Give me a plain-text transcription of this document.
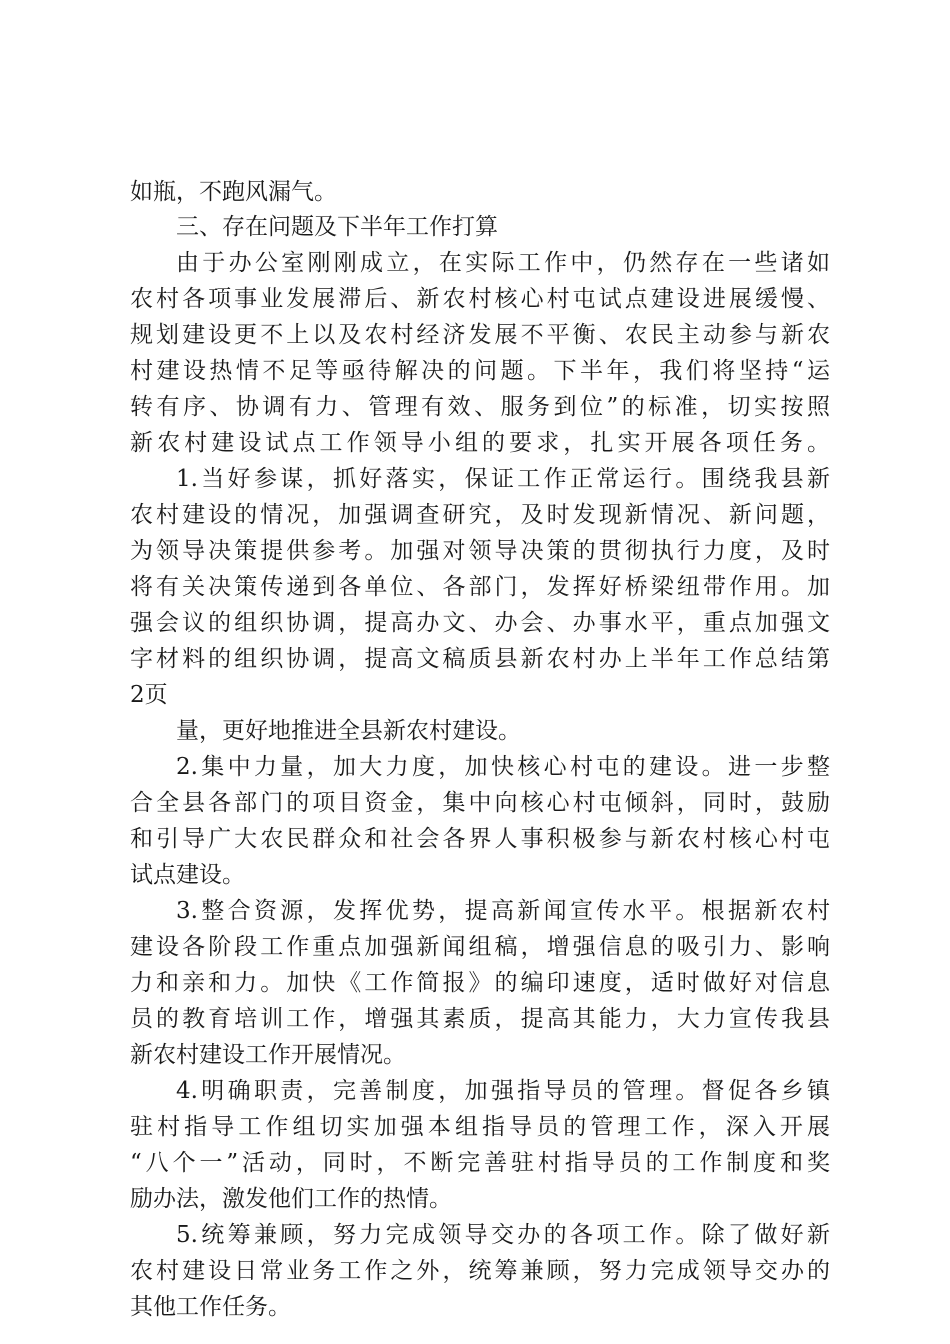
如瓶，不跑风漏气。
三、存在问题及下半年工作打算
由于办公室刚刚成立，在实际工作中，仍然存在一些诸如
农村各项事业发展滞后、新农村核心村屯试点建设进展缓慢、
规划建设更不上以及农村经济发展不平衡、农民主动参与新农
村建设热情不足等亟待解决的问题。下半年，我们将坚持“运
转有序、协调有力、管理有效、服务到位”的标准，切实按照
新农村建设试点工作领导小组的要求，扎实开展各项任务。
1.当好参谋，抓好落实，保证工作正常运行。围绕我县新
农村建设的情况，加强调查研究，及时发现新情况、新问题，
为领导决策提供参考。加强对领导决策的贯彻执行力度，及时
将有关决策传递到各单位、各部门，发挥好桥梁纽带作用。加
强会议的组织协调，提高办文、办会、办事水平，重点加强文
字材料的组织协调，提高文稿质县新农村办上半年工作总结第
2页
量，更好地推进全县新农村建设。
2.集中力量，加大力度，加快核心村屯的建设。进一步整
合全县各部门的项目资金，集中向核心村屯倾斜，同时，鼓励
和引导广大农民群众和社会各界人事积极参与新农村核心村屯
试点建设。
3.整合资源，发挥优势，提高新闻宣传水平。根据新农村
建设各阶段工作重点加强新闻组稿，增强信息的吸引力、影响
力和亲和力。加快《工作简报》的编印速度，适时做好对信息
员的教育培训工作，增强其素质，提高其能力，大力宣传我县
新农村建设工作开展情况。
4.明确职责，完善制度，加强指导员的管理。督促各乡镇
驻村指导工作组切实加强本组指导员的管理工作，深入开展
“八个一”活动，同时，不断完善驻村指导员的工作制度和奖
励办法，激发他们工作的热情。
5.统筹兼顾，努力完成领导交办的各项工作。除了做好新
农村建设日常业务工作之外，统筹兼顾，努力完成领导交办的
其他工作任务。
